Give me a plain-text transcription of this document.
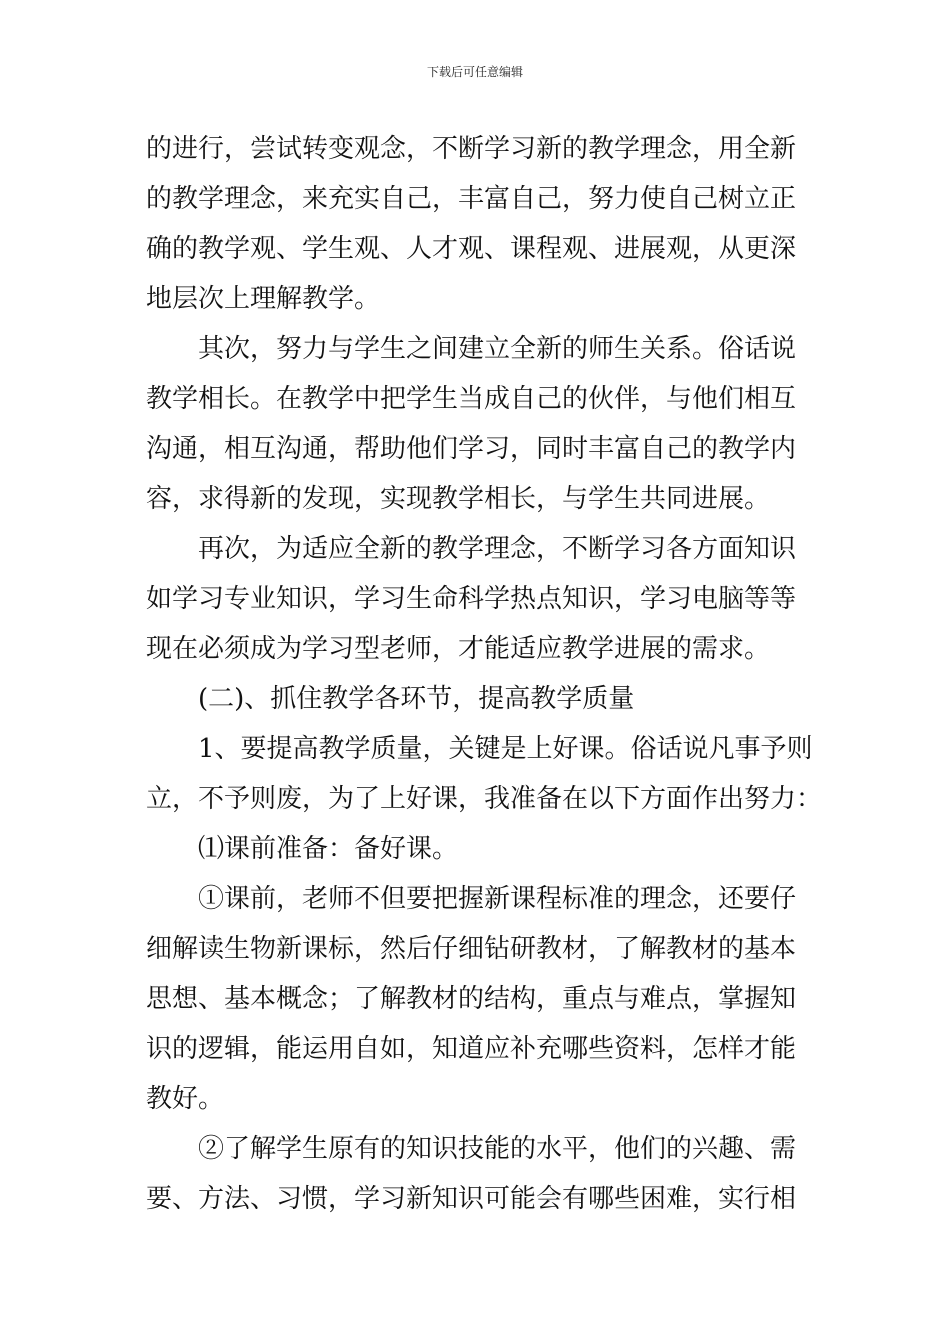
下载后可任意编辑
的进行，尝试转变观念，不断学习新的教学理念，用全新
的教学理念，来充实自己，丰富自己，努力使自己树立正
确的教学观、学生观、人才观、课程观、进展观，从更深
地层次上理解教学。
其次，努力与学生之间建立全新的师生关系。俗话说
教学相长。在教学中把学生当成自己的伙伴，与他们相互
沟通，相互沟通，帮助他们学习，同时丰富自己的教学内
容，求得新的发现，实现教学相长，与学生共同进展。
再次，为适应全新的教学理念，不断学习各方面知识
如学习专业知识，学习生命科学热点知识，学习电脑等等
现在必须成为学习型老师，才能适应教学进展的需求。
(二)、抓住教学各环节，提高教学质量
1、要提高教学质量，关键是上好课。俗话说凡事予则
立，不予则废，为了上好课，我准备在以下方面作出努力：
⑴课前准备：备好课。
①课前，老师不但要把握新课程标准的理念，还要仔
细解读生物新课标，然后仔细钻研教材，了解教材的基本
思想、基本概念；了解教材的结构，重点与难点，掌握知
识的逻辑，能运用自如，知道应补充哪些资料，怎样才能
教好。
②了解学生原有的知识技能的水平，他们的兴趣、需
要、方法、习惯，学习新知识可能会有哪些困难，实行相
